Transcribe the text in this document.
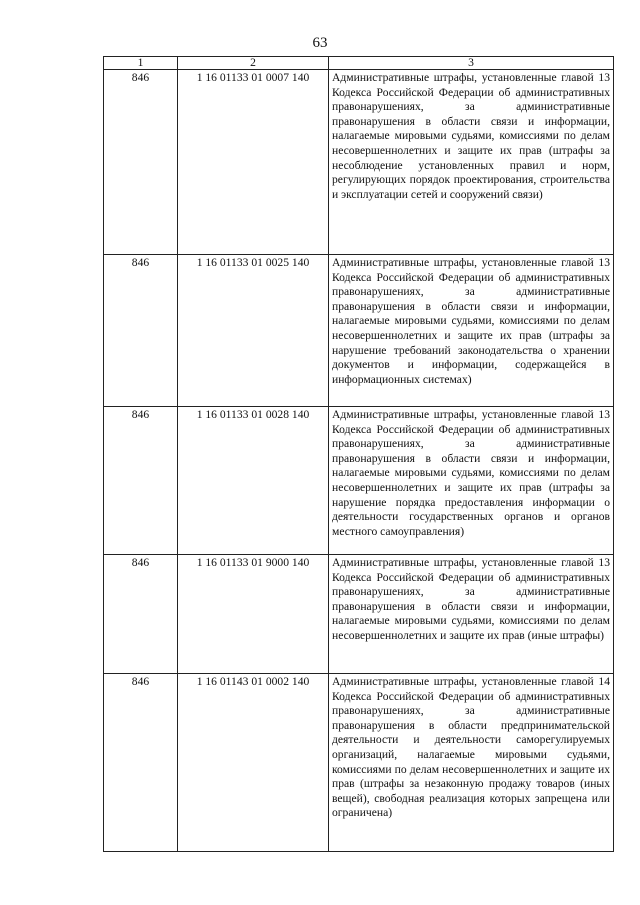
63
1	2	3
846	1 16 01133 01 0007 140	Административные штрафы, установленные главой 13 Кодекса Российской Федерации об административных правонарушениях, за административные правонарушения в области связи и информации, налагаемые мировыми судьями, комиссиями по делам несовершеннолетних и защите их прав (штрафы за несоблюдение установленных правил и норм, регулирующих порядок проектирования, строительства и эксплуатации сетей и сооружений связи)
846	1 16 01133 01 0025 140	Административные штрафы, установленные главой 13 Кодекса Российской Федерации об административных правонарушениях, за административные правонарушения в области связи и информации, налагаемые мировыми судьями, комиссиями по делам несовершеннолетних и защите их прав (штрафы за нарушение требований законодательства о хранении документов и информации, содержащейся в информационных системах)
846	1 16 01133 01 0028 140	Административные штрафы, установленные главой 13 Кодекса Российской Федерации об административных правонарушениях, за административные правонарушения в области связи и информации, налагаемые мировыми судьями, комиссиями по делам несовершеннолетних и защите их прав (штрафы за нарушение порядка предоставления информации о деятельности государственных органов и органов местного самоуправления)
846	1 16 01133 01 9000 140	Административные штрафы, установленные главой 13 Кодекса Российской Федерации об административных правонарушениях, за административные правонарушения в области связи и информации, налагаемые мировыми судьями, комиссиями по делам несовершеннолетних и защите их прав (иные штрафы)
846	1 16 01143 01 0002 140	Административные штрафы, установленные главой 14 Кодекса Российской Федерации об административных правонарушениях, за административные правонарушения в области предпринимательской деятельности и деятельности саморегулируемых организаций, налагаемые мировыми судьями, комиссиями по делам несовершеннолетних и защите их прав (штрафы за незаконную продажу товаров (иных вещей), свободная реализация которых запрещена или ограничена)
